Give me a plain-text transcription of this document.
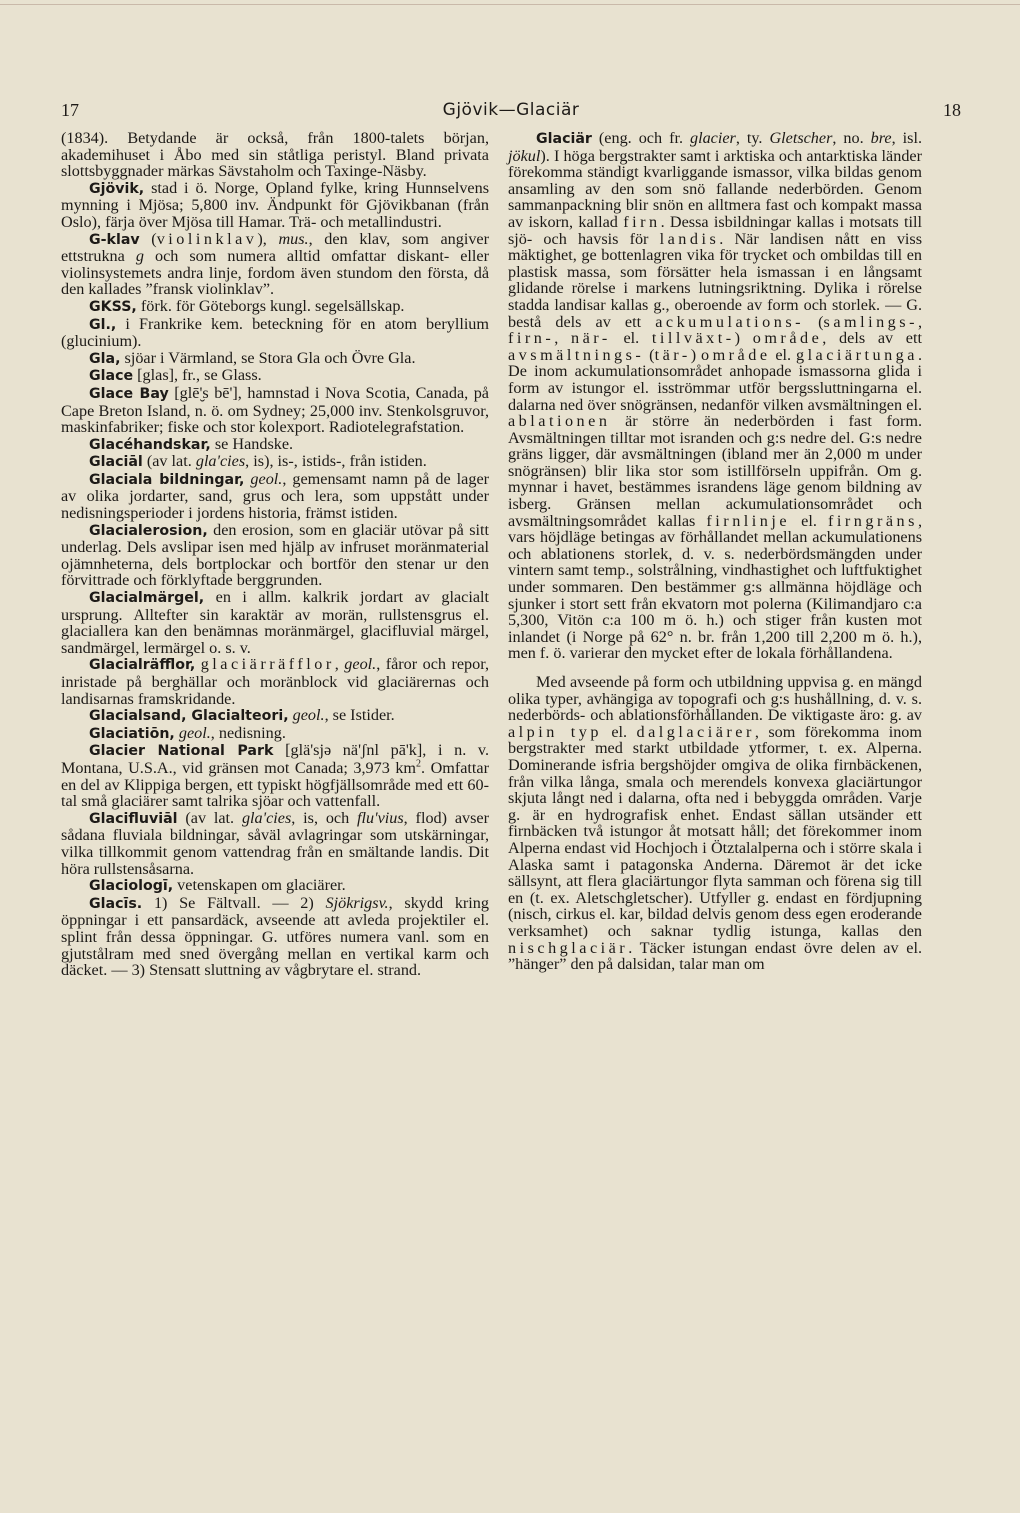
17	Gjövik—Glaciär	18

(1834). Betydande är också, från 1800-talets början, akademihuset i Åbo med sin ståtliga peristyl. Bland privata slottsbyggnader märkas Sävstaholm och Taxinge-Näsby.

Gjövik, stad i ö. Norge, Opland fylke, kring Hunnselvens mynning i Mjösa; 5,800 inv. Ändpunkt för Gjövikbanan (från Oslo), färja över Mjösa till Hamar. Trä- och metallindustri.

G-klav (violinklav), mus., den klav, som angiver ettstrukna g och som numera alltid omfattar diskant- eller violinsystemets andra linje, fordom även stundom den första, då den kallades ”fransk violinklav”.

GKSS, förk. för Göteborgs kungl. segelsällskap.

Gl., i Frankrike kem. beteckning för en atom beryllium (glucinium).

Gla, sjöar i Värmland, se Stora Gla och Övre Gla.

Glace [glas], fr., se Glass.

Glace Bay [glē'̮s bē'], hamnstad i Nova Scotia, Canada, på Cape Breton Island, n. ö. om Sydney; 25,000 inv. Stenkolsgruvor, maskinfabriker; fiske och stor kolexport. Radiotelegrafstation.

Glacéhandskar, se Handske.

Glaciāl (av lat. gla'cies, is), is-, istids-, från istiden.

Glaciala bildningar, geol., gemensamt namn på de lager av olika jordarter, sand, grus och lera, som uppstått under nedisningsperioder i jordens historia, främst istiden.

Glacialerosion, den erosion, som en glaciär utövar på sitt underlag. Dels avslipar isen med hjälp av infruset moränmaterial ojämnheterna, dels bortplockar och bortför den stenar ur den förvittrade och förklyftade berggrunden.

Glacialmärgel, en i allm. kalkrik jordart av glacialt ursprung. Alltefter sin karaktär av morän, rullstensgrus el. glaciallera kan den benämnas moränmärgel, glacifluvial märgel, sandmärgel, lermärgel o. s. v.

Glacialräfflor, glaciärräfflor, geol., fåror och repor, inristade på berghällar och moränblock vid glaciärernas och landisarnas framskridande.

Glacialsand, Glacialteori, geol., se Istider.

Glaciatiōn, geol., nedisning.

Glacier National Park [glä'sjə nä'ʃnl pā'k], i n. v. Montana, U.S.A., vid gränsen mot Canada; 3,973 $km^2$. Omfattar en del av Klippiga bergen, ett typiskt högfjällsområde med ett 60-tal små glaciärer samt talrika sjöar och vattenfall.

Glacifluviāl (av lat. gla'cies, is, och flu'vius, flod) avser sådana fluviala bildningar, såväl avlagringar som utskärningar, vilka tillkommit genom vattendrag från en smältande landis. Dit höra rullstensåsarna.

Glaciologī, vetenskapen om glaciärer.

Glacīs. 1) Se Fältvall. — 2) Sjökrigsv., skydd kring öppningar i ett pansardäck, avseende att avleda projektiler el. splint från dessa öppningar. G. utföres numera vanl. som en gjutstålram med sned övergång mellan en vertikal karm och däcket. — 3) Stensatt sluttning av vågbrytare el. strand.

Glaciär (eng. och fr. glacier, ty. Gletscher, no. bre, isl. jökul). I höga bergstrakter samt i arktiska och antarktiska länder förekomma ständigt kvarliggande ismassor, vilka bildas genom ansamling av den som snö fallande nederbörden. Genom sammanpackning blir snön en alltmera fast och kompakt massa av iskorn, kallad firn. Dessa isbildningar kallas i motsats till sjö- och havsis för landis. När landisen nått en viss mäktighet, ge bottenlagren vika för trycket och ombildas till en plastisk massa, som försätter hela ismassan i en långsamt glidande rörelse i markens lutningsriktning. Dylika i rörelse stadda landisar kallas g., oberoende av form och storlek. — G. bestå dels av ett ackumulations- (samlings-, firn-, när- el. tillväxt-) område, dels av ett avsmältnings- (tär-) område el. glaciärtunga. De inom ackumulationsområdet anhopade ismassorna glida i form av istungor el. isströmmar utför bergssluttningarna el. dalarna ned över snögränsen, nedanför vilken avsmältningen el. ablationen är större än nederbörden i fast form. Avsmältningen tilltar mot isranden och g:s nedre del. G:s nedre gräns ligger, där avsmältningen (ibland mer än 2,000 m under snögränsen) blir lika stor som istillförseln uppifrån. Om g. mynnar i havet, bestämmes israndens läge genom bildning av isberg. Gränsen mellan ackumulationsområdet och avsmältningsområdet kallas firnlinje el. firngräns, vars höjdläge betingas av förhållandet mellan ackumulationens och ablationens storlek, d. v. s. nederbördsmängden under vintern samt temp., solstrålning, vindhastighet och luftfuktighet under sommaren. Den bestämmer g:s allmänna höjdläge och sjunker i stort sett från ekvatorn mot polerna (Kilimandjaro c:a 5,300, Vitön c:a 100 m ö. h.) och stiger från kusten mot inlandet (i Norge på 62° n. br. från 1,200 till 2,200 m ö. h.), men f. ö. varierar den mycket efter de lokala förhållandena.

Med avseende på form och utbildning uppvisa g. en mängd olika typer, avhängiga av topografi och g:s hushållning, d. v. s. nederbörds- och ablationsförhållanden. De viktigaste äro: g. av alpin typ el. dalglaciärer, som förekomma inom bergstrakter med starkt utbildade ytformer, t. ex. Alperna. Dominerande isfria bergshöjder omgiva de olika firnbäckenen, från vilka långa, smala och merendels konvexa glaciärtungor skjuta långt ned i dalarna, ofta ned i bebyggda områden. Varje g. är en hydrografisk enhet. Endast sällan utsänder ett firnbäcken två istungor åt motsatt håll; det förekommer inom Alperna endast vid Hochjoch i Ötztalalperna och i större skala i Alaska samt i patagonska Anderna. Däremot är det icke sällsynt, att flera glaciärtungor flyta samman och förena sig till en (t. ex. Aletschgletscher). Utfyller g. endast en fördjupning (nisch, cirkus el. kar, bildad delvis genom dess egen eroderande verksamhet) och saknar tydlig istunga, kallas den nischglaciär. Täcker istungan endast övre delen av el. ”hänger” den på dalsidan, talar man om
